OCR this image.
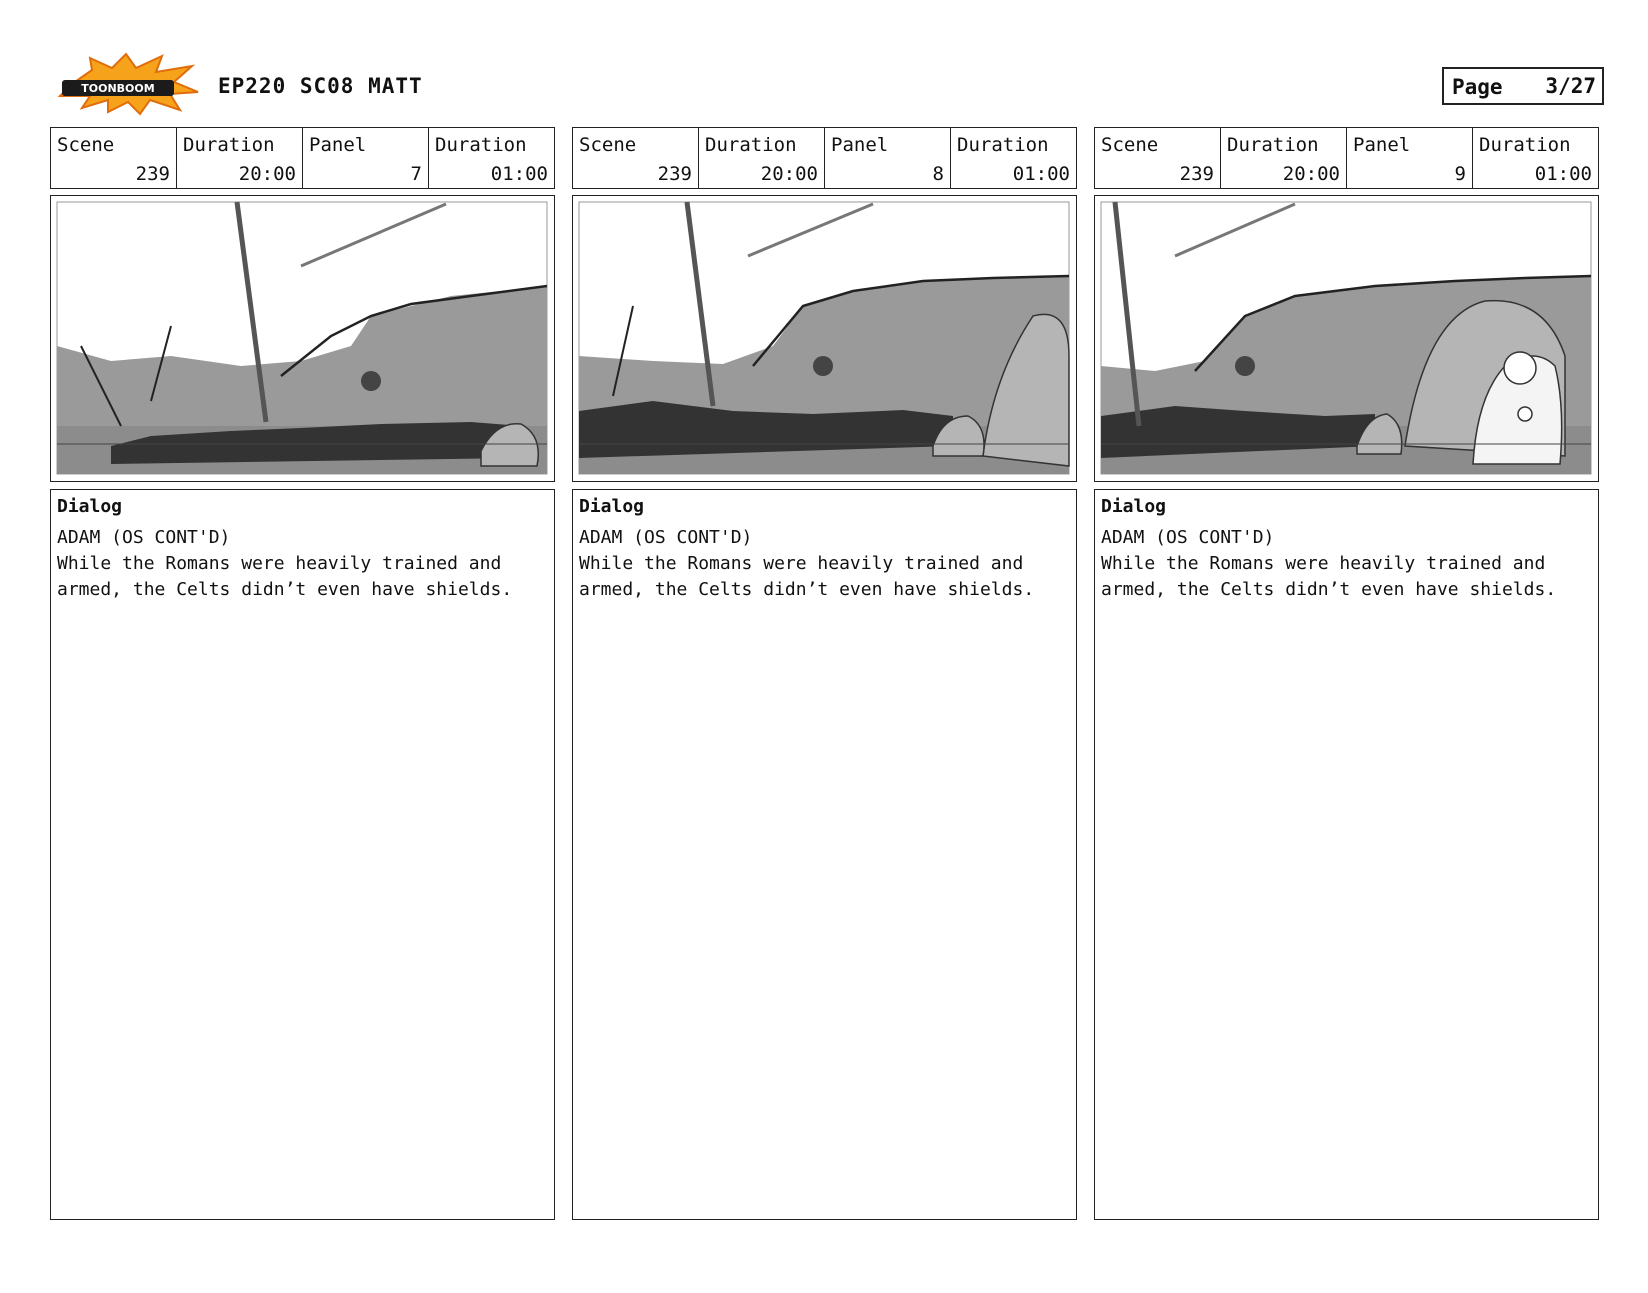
TOONBOOM	EP220 SC08 MATT	Page 3/27
Scene
239
Duration
20:00
Panel
7
Duration
01:00
Dialog
ADAM (OS CONT'D)
While the Romans were heavily trained and armed, the Celts didn’t even have shields.
Scene
239
Duration
20:00
Panel
8
Duration
01:00
Dialog
ADAM (OS CONT'D)
While the Romans were heavily trained and armed, the Celts didn’t even have shields.
Scene
239
Duration
20:00
Panel
9
Duration
01:00
Dialog
ADAM (OS CONT'D)
While the Romans were heavily trained and armed, the Celts didn’t even have shields.
